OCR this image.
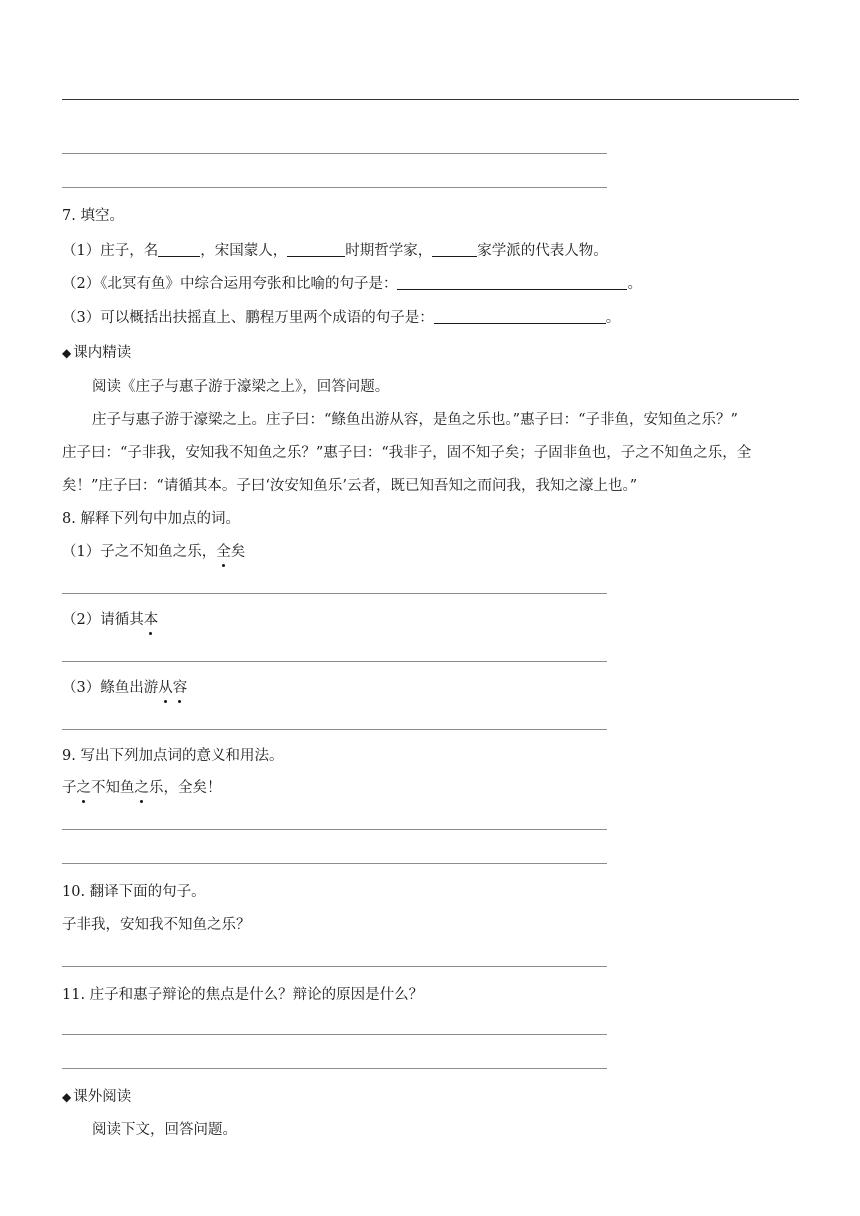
7. 填空。
（1）庄子，名	，宋国蒙人，	时期哲学家，	家学派的代表人物。
（2）《北冥有鱼》中综合运用夸张和比喻的句子是：	。
（3）可以概括出扶摇直上、鹏程万里两个成语的句子是：	。
◆ 课内精读
阅读《庄子与惠子游于濠梁之上》，回答问题。
庄子与惠子游于濠梁之上。庄子曰：“鲦鱼出游从容，是鱼之乐也。”惠子曰：“子非鱼，安知鱼之乐？”
庄子曰：“子非我，安知我不知鱼之乐？”惠子曰：“我非子，固不知子矣；子固非鱼也，子之不知鱼之乐，全
矣！”庄子曰：“请循其本。子曰‘汝安知鱼乐’云者，既已知吾知之而问我，我知之濠上也。”
8. 解释下列句中加点的词。
（1）子之不知鱼之乐，全矣
（2）请循其本
（3）鲦鱼出游从容
9. 写出下列加点词的意义和用法。
子之不知鱼之乐，全矣！
10. 翻译下面的句子。
子非我，安知我不知鱼之乐？
11. 庄子和惠子辩论的焦点是什么？辩论的原因是什么？
◆ 课外阅读
阅读下文，回答问题。
